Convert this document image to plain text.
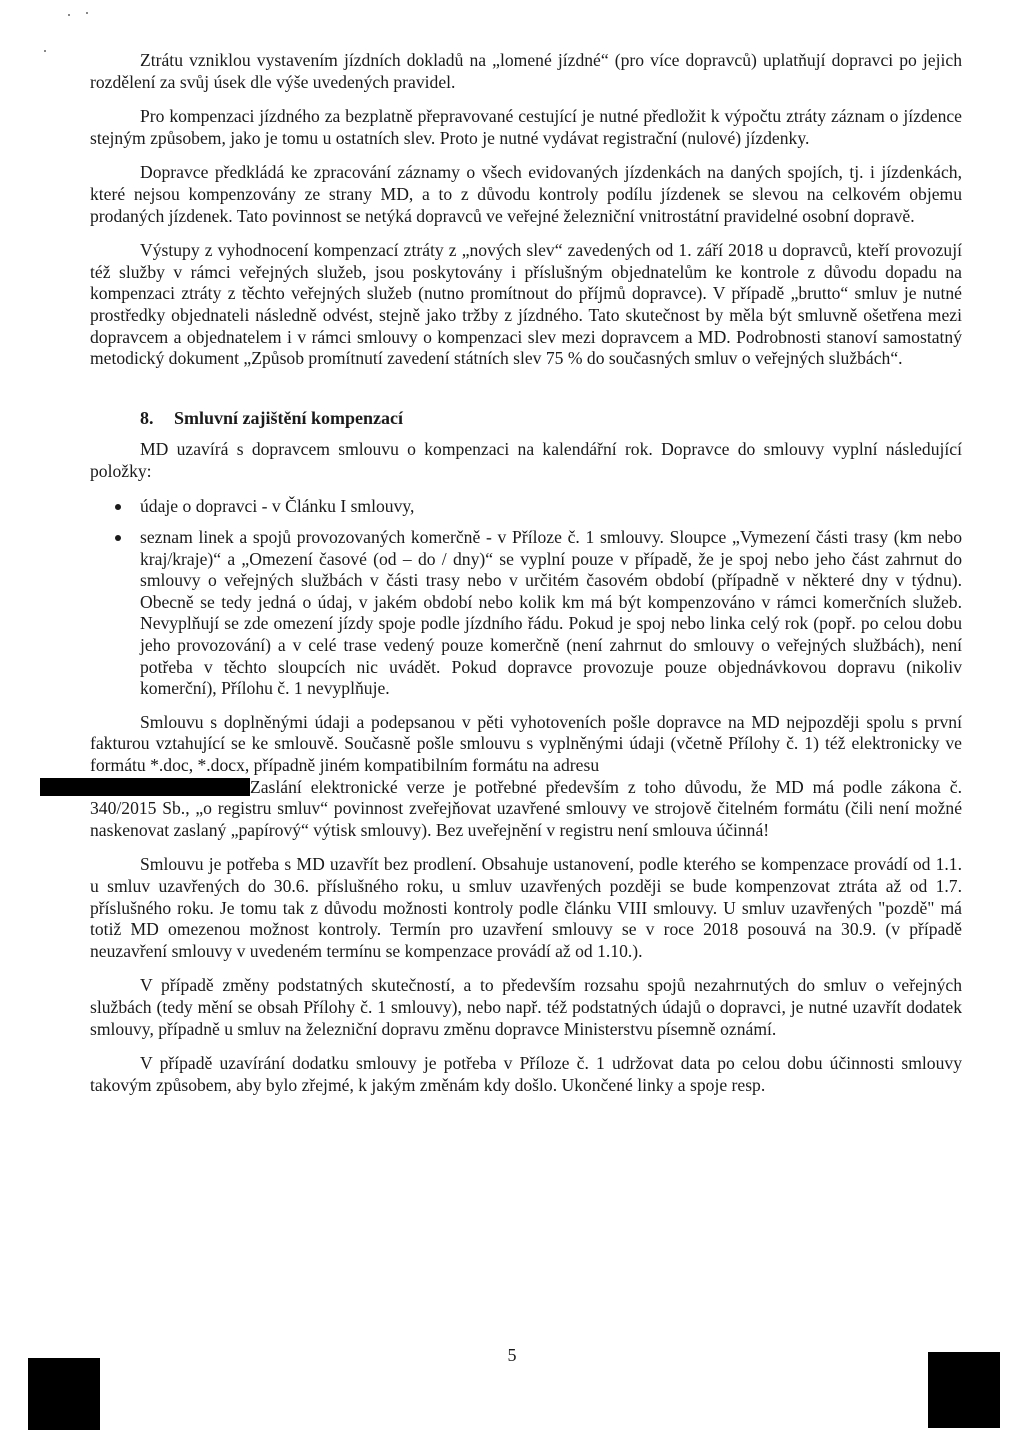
Ztrátu vzniklou vystavením jízdních dokladů na „lomené jízdné“ (pro více dopravců) uplatňují dopravci po jejich rozdělení za svůj úsek dle výše uvedených pravidel.

Pro kompenzaci jízdného za bezplatně přepravované cestující je nutné předložit k výpočtu ztráty záznam o jízdence stejným způsobem, jako je tomu u ostatních slev. Proto je nutné vydávat registrační (nulové) jízdenky.

Dopravce předkládá ke zpracování záznamy o všech evidovaných jízdenkách na daných spojích, tj. i jízdenkách, které nejsou kompenzovány ze strany MD, a to z důvodu kontroly podílu jízdenek se slevou na celkovém objemu prodaných jízdenek. Tato povinnost se netýká dopravců ve veřejné železniční vnitrostátní pravidelné osobní dopravě.

Výstupy z vyhodnocení kompenzací ztráty z „nových slev“ zavedených od 1. září 2018 u dopravců, kteří provozují též služby v rámci veřejných služeb, jsou poskytovány i příslušným objednatelům ke kontrole z důvodu dopadu na kompenzaci ztráty z těchto veřejných služeb (nutno promítnout do příjmů dopravce). V případě „brutto“ smluv je nutné prostředky objednateli následně odvést, stejně jako tržby z jízdného. Tato skutečnost by měla být smluvně ošetřena mezi dopravcem a objednatelem i v rámci smlouvy o kompenzaci slev mezi dopravcem a MD. Podrobnosti stanoví samostatný metodický dokument „Způsob promítnutí zavedení státních slev 75 % do současných smluv o veřejných službách“.

8. Smluvní zajištění kompenzací

MD uzavírá s dopravcem smlouvu o kompenzaci na kalendářní rok. Dopravce do smlouvy vyplní následující položky:

údaje o dopravci - v Článku I smlouvy,
seznam linek a spojů provozovaných komerčně - v Příloze č. 1 smlouvy. Sloupce „Vymezení části trasy (km nebo kraj/kraje)“ a „Omezení časové (od – do / dny)“ se vyplní pouze v případě, že je spoj nebo jeho část zahrnut do smlouvy o veřejných službách v části trasy nebo v určitém časovém období (případně v některé dny v týdnu). Obecně se tedy jedná o údaj, v jakém období nebo kolik km má být kompenzováno v rámci komerčních služeb. Nevyplňují se zde omezení jízdy spoje podle jízdního řádu. Pokud je spoj nebo linka celý rok (popř. po celou dobu jeho provozování) a v celé trase vedený pouze komerčně (není zahrnut do smlouvy o veřejných službách), není potřeba v těchto sloupcích nic uvádět. Pokud dopravce provozuje pouze objednávkovou dopravu (nikoliv komerční), Přílohu č. 1 nevyplňuje.

Smlouvu s doplněnými údaji a podepsanou v pěti vyhotoveních pošle dopravce na MD nejpozději spolu s první fakturou vztahující se ke smlouvě. Současně pošle smlouvu s vyplněnými údaji (včetně Přílohy č. 1) též elektronicky ve formátu *.doc, *.docx, případně jiném kompatibilním formátu na adresu
Zaslání elektronické verze je potřebné především z toho důvodu, že MD má podle zákona č. 340/2015 Sb., „o registru smluv“ povinnost zveřejňovat uzavřené smlouvy ve strojově čitelném formátu (čili není možné naskenovat zaslaný „papírový“ výtisk smlouvy). Bez uveřejnění v registru není smlouva účinná!

Smlouvu je potřeba s MD uzavřít bez prodlení. Obsahuje ustanovení, podle kterého se kompenzace provádí od 1.1. u smluv uzavřených do 30.6. příslušného roku, u smluv uzavřených později se bude kompenzovat ztráta až od 1.7. příslušného roku. Je tomu tak z důvodu možnosti kontroly podle článku VIII smlouvy. U smluv uzavřených "pozdě" má totiž MD omezenou možnost kontroly. Termín pro uzavření smlouvy se v roce 2018 posouvá na 30.9. (v případě neuzavření smlouvy v uvedeném termínu se kompenzace provádí až od 1.10.).

V případě změny podstatných skutečností, a to především rozsahu spojů nezahrnutých do smluv o veřejných službách (tedy mění se obsah Přílohy č. 1 smlouvy), nebo např. též podstatných údajů o dopravci, je nutné uzavřít dodatek smlouvy, případně u smluv na železniční dopravu změnu dopravce Ministerstvu písemně oznámí.

V případě uzavírání dodatku smlouvy je potřeba v Příloze č. 1 udržovat data po celou dobu účinnosti smlouvy takovým způsobem, aby bylo zřejmé, k jakým změnám kdy došlo. Ukončené linky a spoje resp.

5
